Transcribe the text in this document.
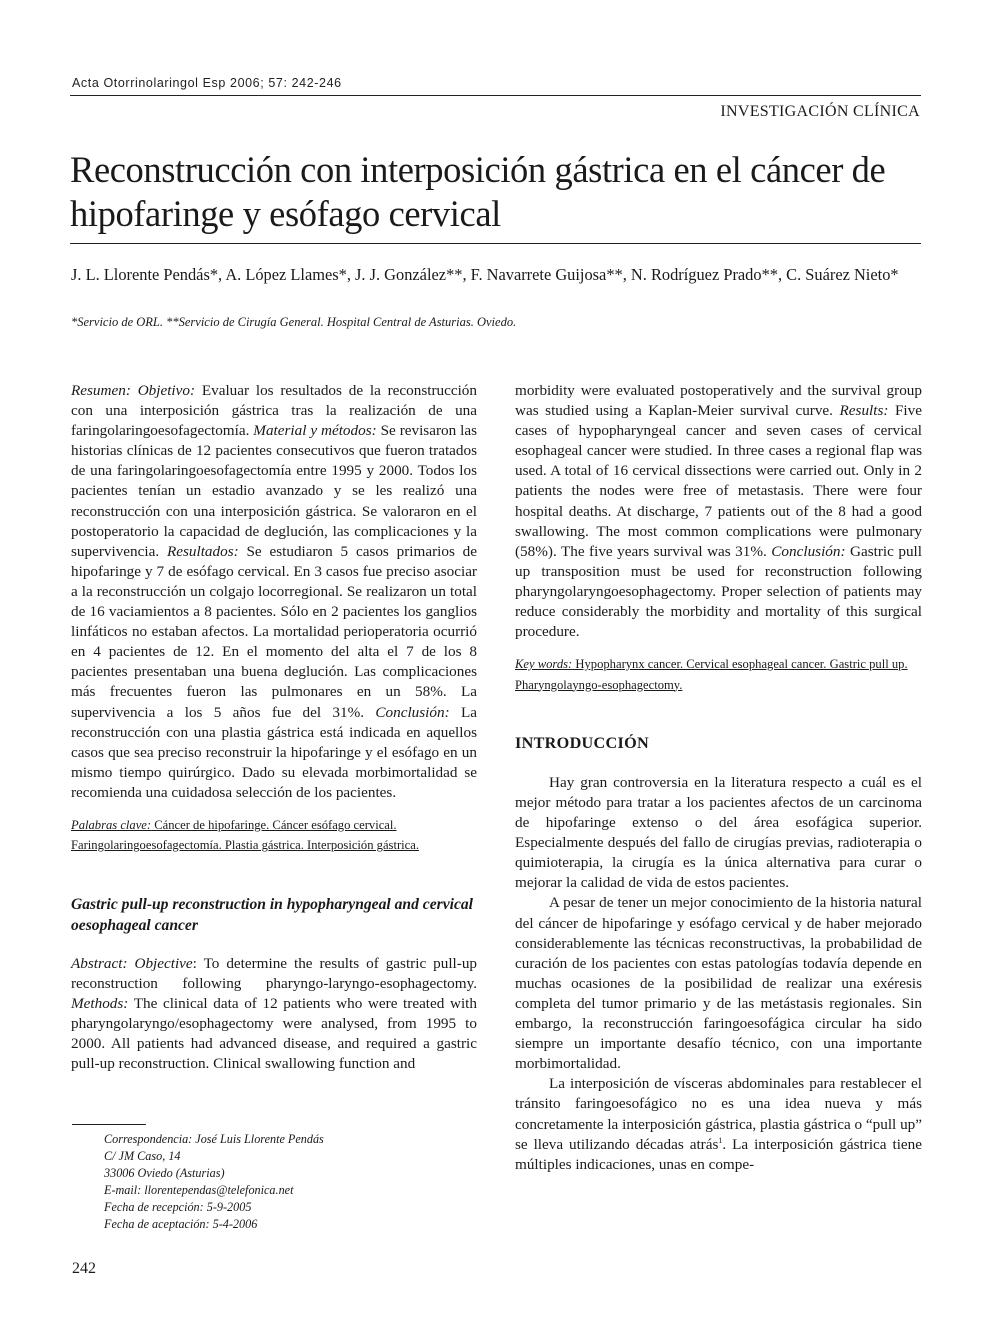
Acta Otorrinolaringol Esp 2006; 57: 242-246
INVESTIGACIÓN CLÍNICA
Reconstrucción con interposición gástrica en el cáncer de hipofaringe y esófago cervical
J. L. Llorente Pendás*, A. López Llames*, J. J. González**, F. Navarrete Guijosa**, N. Rodríguez Prado**, C. Suárez Nieto*
*Servicio de ORL. **Servicio de Cirugía General. Hospital Central de Asturias. Oviedo.

Resumen: Objetivo: Evaluar los resultados de la reconstrucción con una interposición gástrica tras la realización de una faringolaringoesofagectomía. Material y métodos: Se revisaron las historias clínicas de 12 pacientes consecutivos que fueron tratados de una faringolaringoesofagectomía entre 1995 y 2000. Todos los pacientes tenían un estadio avanzado y se les realizó una reconstrucción con una interposición gástrica. Se valoraron en el postoperatorio la capacidad de deglución, las complicaciones y la supervivencia. Resultados: Se estudiaron 5 casos primarios de hipofaringe y 7 de esófago cervical. En 3 casos fue preciso asociar a la reconstrucción un colgajo locorregional. Se realizaron un total de 16 vaciamientos a 8 pacientes. Sólo en 2 pacientes los ganglios linfáticos no estaban afectos. La mortalidad perioperatoria ocurrió en 4 pacientes de 12. En el momento del alta el 7 de los 8 pacientes presentaban una buena deglución. Las complicaciones más frecuentes fueron las pulmonares en un 58%. La supervivencia a los 5 años fue del 31%. Conclusión: La reconstrucción con una plastia gástrica está indicada en aquellos casos que sea preciso reconstruir la hipofaringe y el esófago en un mismo tiempo quirúrgico. Dado su elevada morbimortalidad se recomienda una cuidadosa selección de los pacientes.

Palabras clave: Cáncer de hipofaringe. Cáncer esófago cervical. Faringolaringoesofagectomía. Plastia gástrica. Interposición gástrica.

Gastric pull-up reconstruction in hypopharyngeal and cervical oesophageal cancer

Abstract: Objective: To determine the results of gastric pull-up reconstruction following pharyngo-laryngo-esophagectomy. Methods: The clinical data of 12 patients who were treated with pharyngolaryngo/esophagectomy were analysed, from 1995 to 2000. All patients had advanced disease, and required a gastric pull-up reconstruction. Clinical swallowing function and

morbidity were evaluated postoperatively and the survival group was studied using a Kaplan-Meier survival curve. Results: Five cases of hypopharyngeal cancer and seven cases of cervical esophageal cancer were studied. In three cases a regional flap was used. A total of 16 cervical dissections were carried out. Only in 2 patients the nodes were free of metastasis. There were four hospital deaths. At discharge, 7 patients out of the 8 had a good swallowing. The most common complications were pulmonary (58%). The five years survival was 31%. Conclusión: Gastric pull up transposition must be used for reconstruction following pharyngolaryngoesophagectomy. Proper selection of patients may reduce considerably the morbidity and mortality of this surgical procedure.

Key words: Hypopharynx cancer. Cervical esophageal cancer. Gastric pull up. Pharyngolayngo-esophagectomy.

INTRODUCCIÓN

Hay gran controversia en la literatura respecto a cuál es el mejor método para tratar a los pacientes afectos de un carcinoma de hipofaringe extenso o del área esofágica superior. Especialmente después del fallo de cirugías previas, radioterapia o quimioterapia, la cirugía es la única alternativa para curar o mejorar la calidad de vida de estos pacientes.

A pesar de tener un mejor conocimiento de la historia natural del cáncer de hipofaringe y esófago cervical y de haber mejorado considerablemente las técnicas reconstructivas, la probabilidad de curación de los pacientes con estas patologías todavía depende en muchas ocasiones de la posibilidad de realizar una exéresis completa del tumor primario y de las metástasis regionales. Sin embargo, la reconstrucción faringoesofágica circular ha sido siempre un importante desafío técnico, con una importante morbimortalidad.

La interposición de vísceras abdominales para restablecer el tránsito faringoesofágico no es una idea nueva y más concretamente la interposición gástrica, plastia gástrica o “pull up” se lleva utilizando décadas atrás$^1$. La interposición gástrica tiene múltiples indicaciones, unas en compe-

Correspondencia: José Luis Llorente Pendás
C/ JM Caso, 14
33006 Oviedo (Asturias)
E-mail: llorentependas@telefonica.net
Fecha de recepción: 5-9-2005
Fecha de aceptación: 5-4-2006
242
